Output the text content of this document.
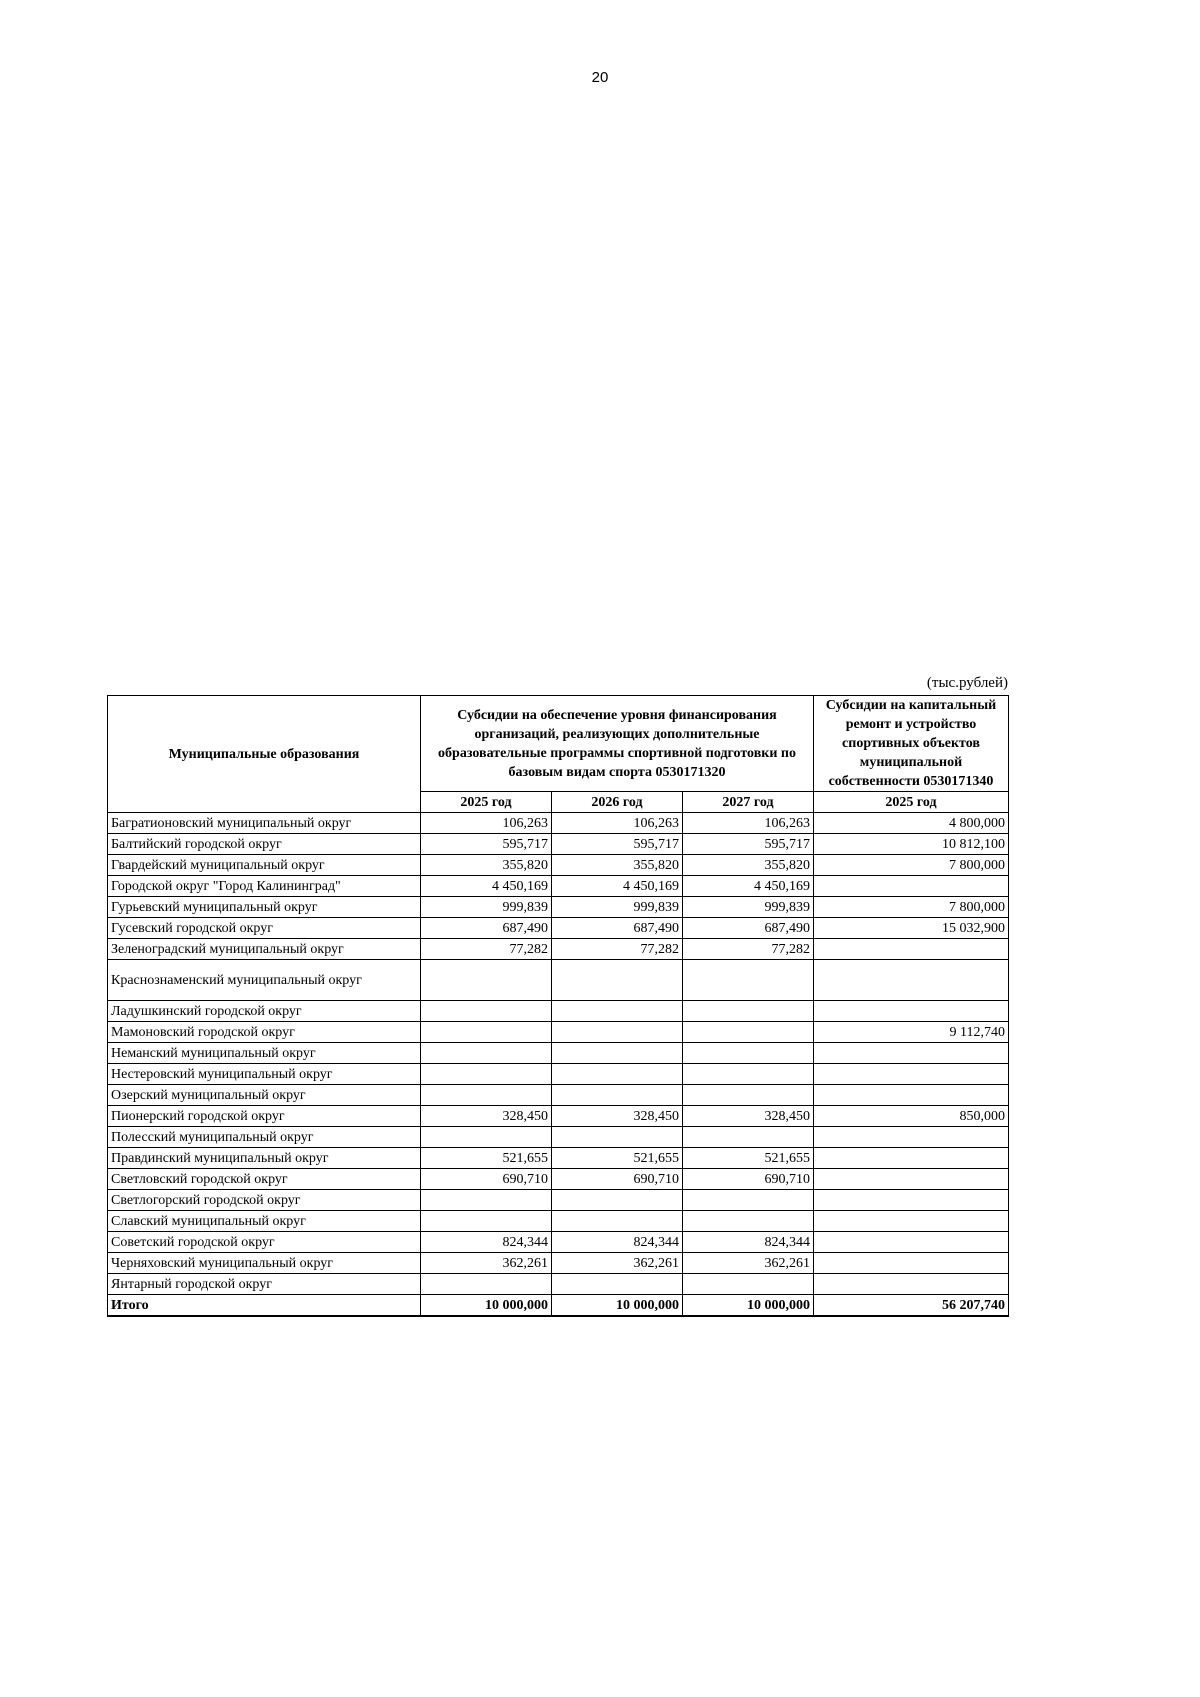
20
(тыс.рублей)
Муниципальные образования	Субсидии на обеспечение уровня финансирования организаций, реализующих дополнительные образовательные программы спортивной подготовки по базовым видам спорта 0530171320			Субсидии на капитальный ремонт и устройство спортивных объектов муниципальной собственности 0530171340
	2025 год	2026 год	2027 год	2025 год
Багратионовский муниципальный округ	106,263	106,263	106,263	4 800,000
Балтийский городской округ	595,717	595,717	595,717	10 812,100
Гвардейский муниципальный округ	355,820	355,820	355,820	7 800,000
Городской округ "Город Калининград"	4 450,169	4 450,169	4 450,169	
Гурьевский муниципальный округ	999,839	999,839	999,839	7 800,000
Гусевский городской округ	687,490	687,490	687,490	15 032,900
Зеленоградский муниципальный округ	77,282	77,282	77,282	
Краснознаменский муниципальный округ				
Ладушкинский городской округ				
Мамоновский городской округ				9 112,740
Неманский муниципальный округ				
Нестеровский муниципальный округ				
Озерский муниципальный округ				
Пионерский городской округ	328,450	328,450	328,450	850,000
Полесский муниципальный округ				
Правдинский муниципальный округ	521,655	521,655	521,655	
Светловский городской округ	690,710	690,710	690,710	
Светлогорский городской округ				
Славский муниципальный округ				
Советский городской округ	824,344	824,344	824,344	
Черняховский муниципальный округ	362,261	362,261	362,261	
Янтарный городской округ				
Итого	10 000,000	10 000,000	10 000,000	56 207,740
